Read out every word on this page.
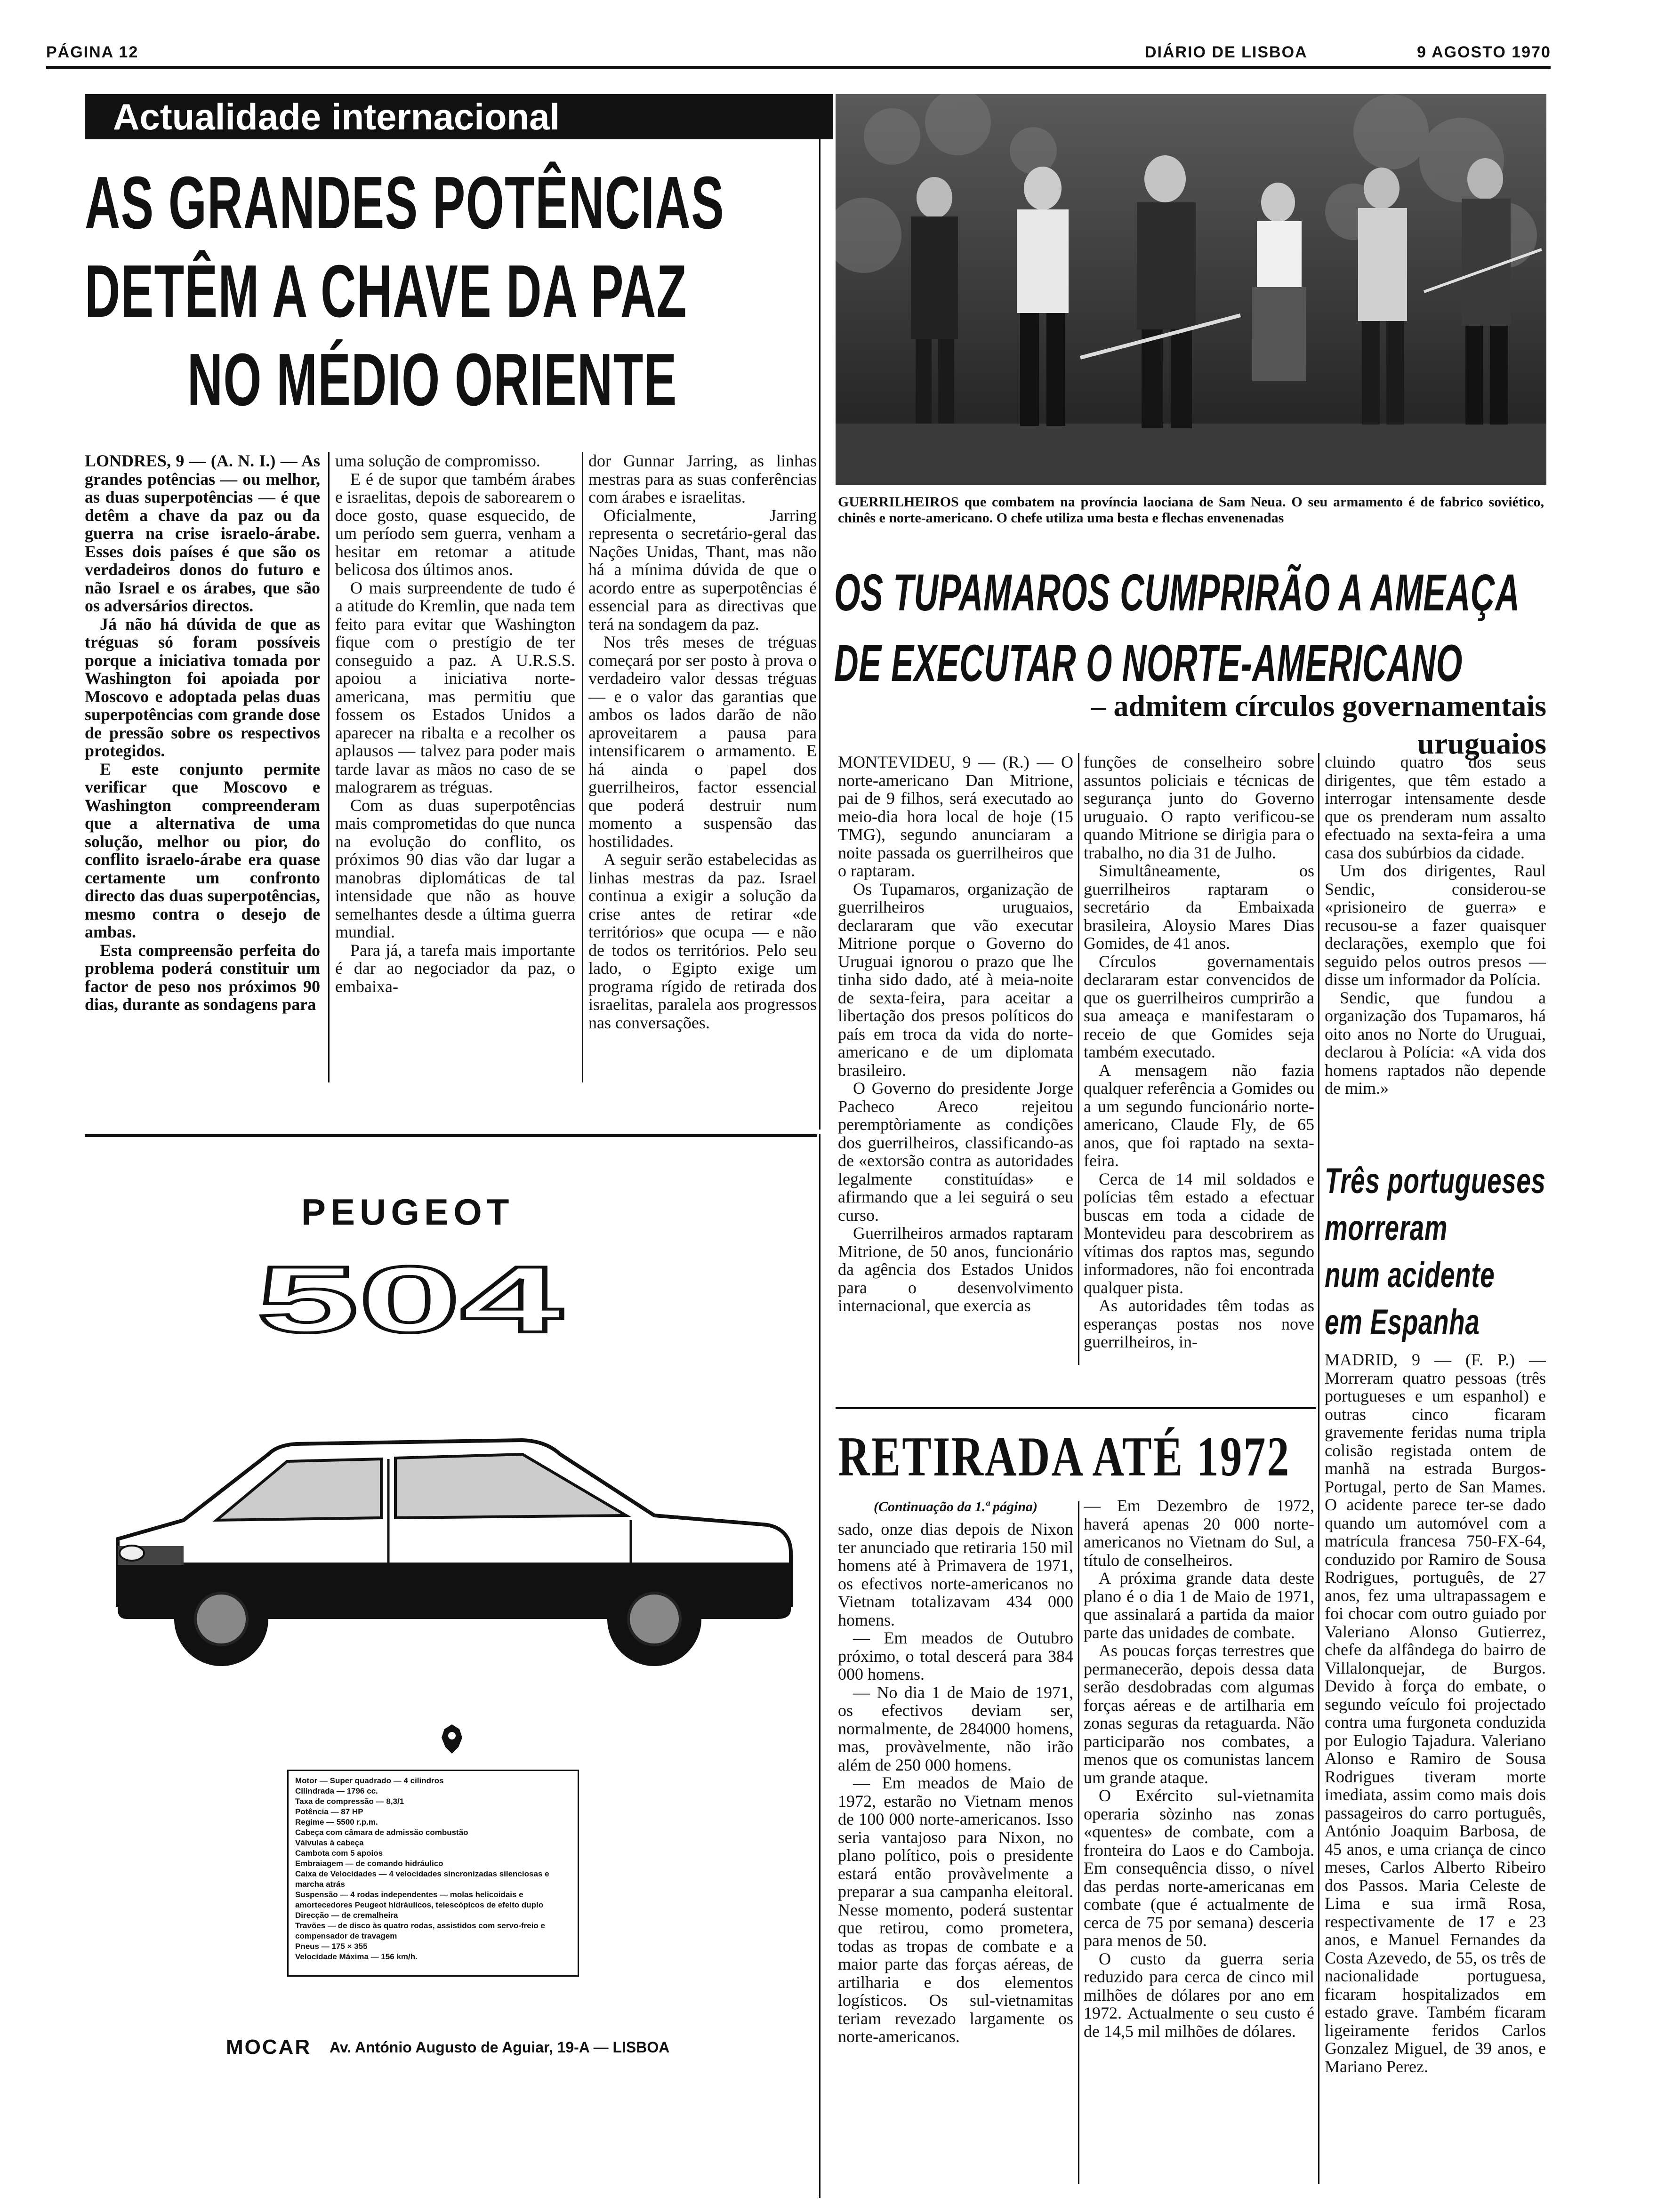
PÁGINA 12	DIÁRIO DE LISBOA	9 AGOSTO 1970
Actualidade internacional
AS GRANDES POTÊNCIAS
DETÊM A CHAVE DA PAZ
NO MÉDIO ORIENTE

LONDRES, 9 — (A. N. I.) — As grandes potências — ou melhor, as duas superpotências — é que detêm a chave da paz ou da guerra na crise israelo-árabe. Esses dois países é que são os verdadeiros donos do futuro e não Israel e os árabes, que são os adversários directos.

Já não há dúvida de que as tréguas só foram possíveis porque a iniciativa tomada por Washington foi apoiada por Moscovo e adoptada pelas duas superpotências com grande dose de pressão sobre os respectivos protegidos.

E este conjunto permite verificar que Moscovo e Washington compreenderam que a alternativa de uma solução, melhor ou pior, do conflito israelo-árabe era quase certamente um confronto directo das duas superpotências, mesmo contra o desejo de ambas.

Esta compreensão perfeita do problema poderá constituir um factor de peso nos próximos 90 dias, durante as sondagens para

uma solução de compromisso.

E é de supor que também árabes e israelitas, depois de saborearem o doce gosto, quase esquecido, de um período sem guerra, venham a hesitar em retomar a atitude belicosa dos últimos anos.

O mais surpreendente de tudo é a atitude do Kremlin, que nada tem feito para evitar que Washington fique com o prestígio de ter conseguido a paz. A U.R.S.S. apoiou a iniciativa norte-americana, mas permitiu que fossem os Estados Unidos a aparecer na ribalta e a recolher os aplausos — talvez para poder mais tarde lavar as mãos no caso de se malograrem as tréguas.

Com as duas superpotências mais comprometidas do que nunca na evolução do conflito, os próximos 90 dias vão dar lugar a manobras diplomáticas de tal intensidade que não as houve semelhantes desde a última guerra mundial.

Para já, a tarefa mais importante é dar ao negociador da paz, o embaixa-

dor Gunnar Jarring, as linhas mestras para as suas conferências com árabes e israelitas.

Oficialmente, Jarring representa o secretário-geral das Nações Unidas, Thant, mas não há a mínima dúvida de que o acordo entre as superpotências é essencial para as directivas que terá na sondagem da paz.

Nos três meses de tréguas começará por ser posto à prova o verdadeiro valor dessas tréguas — e o valor das garantias que ambos os lados darão de não aproveitarem a pausa para intensificarem o armamento. E há ainda o papel dos guerrilheiros, factor essencial que poderá destruir num momento a suspensão das hostilidades.

A seguir serão estabelecidas as linhas mestras da paz. Israel continua a exigir a solução da crise antes de retirar «de territórios» que ocupa — e não de todos os territórios. Pelo seu lado, o Egipto exige um programa rígido de retirada dos israelitas, paralela aos progressos nas conversações.

GUERRILHEIROS que combatem na província laociana de Sam Neua. O seu armamento é de fabrico soviético, chinês e norte-americano. O chefe utiliza uma besta e flechas envenenadas
OS TUPAMAROS CUMPRIRÃO A AMEAÇA
DE EXECUTAR O NORTE-AMERICANO
– admitem círculos governamentais uruguaios

MONTEVIDEU, 9 — (R.) — O norte-americano Dan Mitrione, pai de 9 filhos, será executado ao meio-dia hora local de hoje (15 TMG), segundo anunciaram a noite passada os guerrilheiros que o raptaram.

Os Tupamaros, organização de guerrilheiros uruguaios, declararam que vão executar Mitrione porque o Governo do Uruguai ignorou o prazo que lhe tinha sido dado, até à meia-noite de sexta-feira, para aceitar a libertação dos presos políticos do país em troca da vida do norte-americano e de um diplomata brasileiro.

O Governo do presidente Jorge Pacheco Areco rejeitou peremptòriamente as condições dos guerrilheiros, classificando-as de «extorsão contra as autoridades legalmente constituídas» e afirmando que a lei seguirá o seu curso.

Guerrilheiros armados raptaram Mitrione, de 50 anos, funcionário da agência dos Estados Unidos para o desenvolvimento internacional, que exercia as

funções de conselheiro sobre assuntos policiais e técnicas de segurança junto do Governo uruguaio. O rapto verificou-se quando Mitrione se dirigia para o trabalho, no dia 31 de Julho.

Simultâneamente, os guerrilheiros raptaram o secretário da Embaixada brasileira, Aloysio Mares Dias Gomides, de 41 anos.

Círculos governamentais declararam estar convencidos de que os guerrilheiros cumprirão a sua ameaça e manifestaram o receio de que Gomides seja também executado.

A mensagem não fazia qualquer referência a Gomides ou a um segundo funcionário norte-americano, Claude Fly, de 65 anos, que foi raptado na sexta-feira.

Cerca de 14 mil soldados e polícias têm estado a efectuar buscas em toda a cidade de Montevideu para descobrirem as vítimas dos raptos mas, segundo informadores, não foi encontrada qualquer pista.

As autoridades têm todas as esperanças postas nos nove guerrilheiros, in-

cluindo quatro dos seus dirigentes, que têm estado a interrogar intensamente desde que os prenderam num assalto efectuado na sexta-feira a uma casa dos subúrbios da cidade.

Um dos dirigentes, Raul Sendic, considerou-se «prisioneiro de guerra» e recusou-se a fazer quaisquer declarações, exemplo que foi seguido pelos outros presos — disse um informador da Polícia.

Sendic, que fundou a organização dos Tupamaros, há oito anos no Norte do Uruguai, declarou à Polícia: «A vida dos homens raptados não depende de mim.»

Três portugueses
morreram
num acidente
em Espanha

MADRID, 9 — (F. P.) — Morreram quatro pessoas (três portugueses e um espanhol) e outras cinco ficaram gravemente feridas numa tripla colisão registada ontem de manhã na estrada Burgos-Portugal, perto de San Mames. O acidente parece ter-se dado quando um automóvel com a matrícula francesa 750-FX-64, conduzido por Ramiro de Sousa Rodrigues, português, de 27 anos, fez uma ultrapassagem e foi chocar com outro guiado por Valeriano Alonso Gutierrez, chefe da alfândega do bairro de Villalonquejar, de Burgos. Devido à força do embate, o segundo veículo foi projectado contra uma furgoneta conduzida por Eulogio Tajadura. Valeriano Alonso e Ramiro de Sousa Rodrigues tiveram morte imediata, assim como mais dois passageiros do carro português, António Joaquim Barbosa, de 45 anos, e uma criança de cinco meses, Carlos Alberto Ribeiro dos Passos. Maria Celeste de Lima e sua irmã Rosa, respectivamente de 17 e 23 anos, e Manuel Fernandes da Costa Azevedo, de 55, os três de nacionalidade portuguesa, ficaram hospitalizados em estado grave. Também ficaram ligeiramente feridos Carlos Gonzalez Miguel, de 39 anos, e Mariano Perez.

RETIRADA ATÉ 1972
(Continuação da 1.ª página)

sado, onze dias depois de Nixon ter anunciado que retiraria 150 mil homens até à Primavera de 1971, os efectivos norte-americanos no Vietnam totalizavam 434 000 homens.

— Em meados de Outubro próximo, o total descerá para 384 000 homens.

— No dia 1 de Maio de 1971, os efectivos deviam ser, normalmente, de 284000 homens, mas, provàvelmente, não irão além de 250 000 homens.

— Em meados de Maio de 1972, estarão no Vietnam menos de 100 000 norte-americanos. Isso seria vantajoso para Nixon, no plano político, pois o presidente estará então provàvelmente a preparar a sua campanha eleitoral. Nesse momento, poderá sustentar que retirou, como prometera, todas as tropas de combate e a maior parte das forças aéreas, de artilharia e dos elementos logísticos. Os sul-vietnamitas teriam revezado largamente os norte-americanos.

— Em Dezembro de 1972, haverá apenas 20 000 norte-americanos no Vietnam do Sul, a título de conselheiros.

A próxima grande data deste plano é o dia 1 de Maio de 1971, que assinalará a partida da maior parte das unidades de combate.

As poucas forças terrestres que permanecerão, depois dessa data serão desdobradas com algumas forças aéreas e de artilharia em zonas seguras da retaguarda. Não participarão nos combates, a menos que os comunistas lancem um grande ataque.

O Exército sul-vietnamita operaria sòzinho nas zonas «quentes» de combate, com a fronteira do Laos e do Camboja. Em consequência disso, o nível das perdas norte-americanas em combate (que é actualmente de cerca de 75 por semana) desceria para menos de 50.

O custo da guerra seria reduzido para cerca de cinco mil milhões de dólares por ano em 1972. Actualmente o seu custo é de 14,5 mil milhões de dólares.

PEUGEOT
504
Motor — Super quadrado — 4 cilindros
Cilindrada — 1796 cc.
Taxa de compressão — 8,3/1
Potência — 87 HP
Regime — 5500 r.p.m.
Cabeça com câmara de admissão combustão
Válvulas à cabeça
Cambota com 5 apoios
Embraiagem — de comando hidráulico
Caixa de Velocidades — 4 velocidades sincronizadas silenciosas e marcha atrás
Suspensão — 4 rodas independentes — molas helicoidais e amortecedores Peugeot hidráulicos, telescópicos de efeito duplo
Direcção — de cremalheira
Travões — de disco às quatro rodas, assistidos com servo-freio e compensador de travagem
Pneus — 175 × 355
Velocidade Máxima — 156 km/h.
MOCAR Av. António Augusto de Aguiar, 19-A — LISBOA
